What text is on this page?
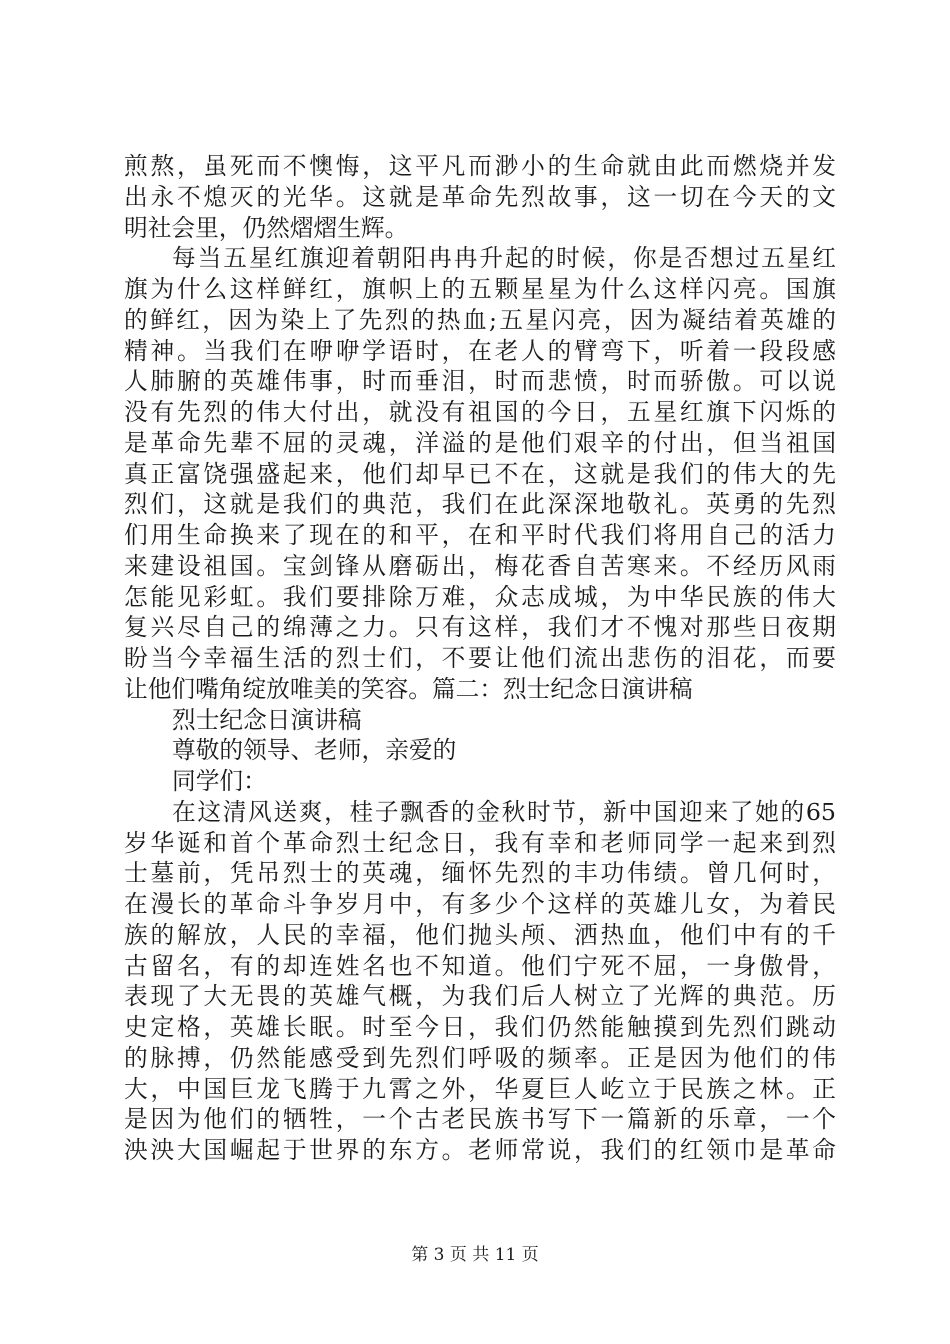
煎熬，虽死而不懊悔，这平凡而渺小的生命就由此而燃烧并发
出永不熄灭的光华。这就是革命先烈故事，这一切在今天的文
明社会里，仍然熠熠生辉。
每当五星红旗迎着朝阳冉冉升起的时候，你是否想过五星红
旗为什么这样鲜红，旗帜上的五颗星星为什么这样闪亮。国旗
的鲜红，因为染上了先烈的热血;五星闪亮，因为凝结着英雄的
精神。当我们在咿咿学语时，在老人的臂弯下，听着一段段感
人肺腑的英雄伟事，时而垂泪，时而悲愤，时而骄傲。可以说
没有先烈的伟大付出，就没有祖国的今日，五星红旗下闪烁的
是革命先辈不屈的灵魂，洋溢的是他们艰辛的付出，但当祖国
真正富饶强盛起来，他们却早已不在，这就是我们的伟大的先
烈们，这就是我们的典范，我们在此深深地敬礼。英勇的先烈
们用生命换来了现在的和平，在和平时代我们将用自己的活力
来建设祖国。宝剑锋从磨砺出，梅花香自苦寒来。不经历风雨
怎能见彩虹。我们要排除万难，众志成城，为中华民族的伟大
复兴尽自己的绵薄之力。只有这样，我们才不愧对那些日夜期
盼当今幸福生活的烈士们，不要让他们流出悲伤的泪花，而要
让他们嘴角绽放唯美的笑容。篇二：烈士纪念日演讲稿
烈士纪念日演讲稿
尊敬的领导、老师，亲爱的
同学们：
在这清风送爽，桂子飘香的金秋时节，新中国迎来了她的65
岁华诞和首个革命烈士纪念日，我有幸和老师同学一起来到烈
士墓前，凭吊烈士的英魂，缅怀先烈的丰功伟绩。曾几何时，
在漫长的革命斗争岁月中，有多少个这样的英雄儿女，为着民
族的解放，人民的幸福，他们抛头颅、洒热血，他们中有的千
古留名，有的却连姓名也不知道。他们宁死不屈，一身傲骨，
表现了大无畏的英雄气概，为我们后人树立了光辉的典范。历
史定格，英雄长眠。时至今日，我们仍然能触摸到先烈们跳动
的脉搏，仍然能感受到先烈们呼吸的频率。正是因为他们的伟
大，中国巨龙飞腾于九霄之外，华夏巨人屹立于民族之林。正
是因为他们的牺牲，一个古老民族书写下一篇新的乐章，一个
泱泱大国崛起于世界的东方。老师常说，我们的红领巾是革命
第 3 页 共 11 页
